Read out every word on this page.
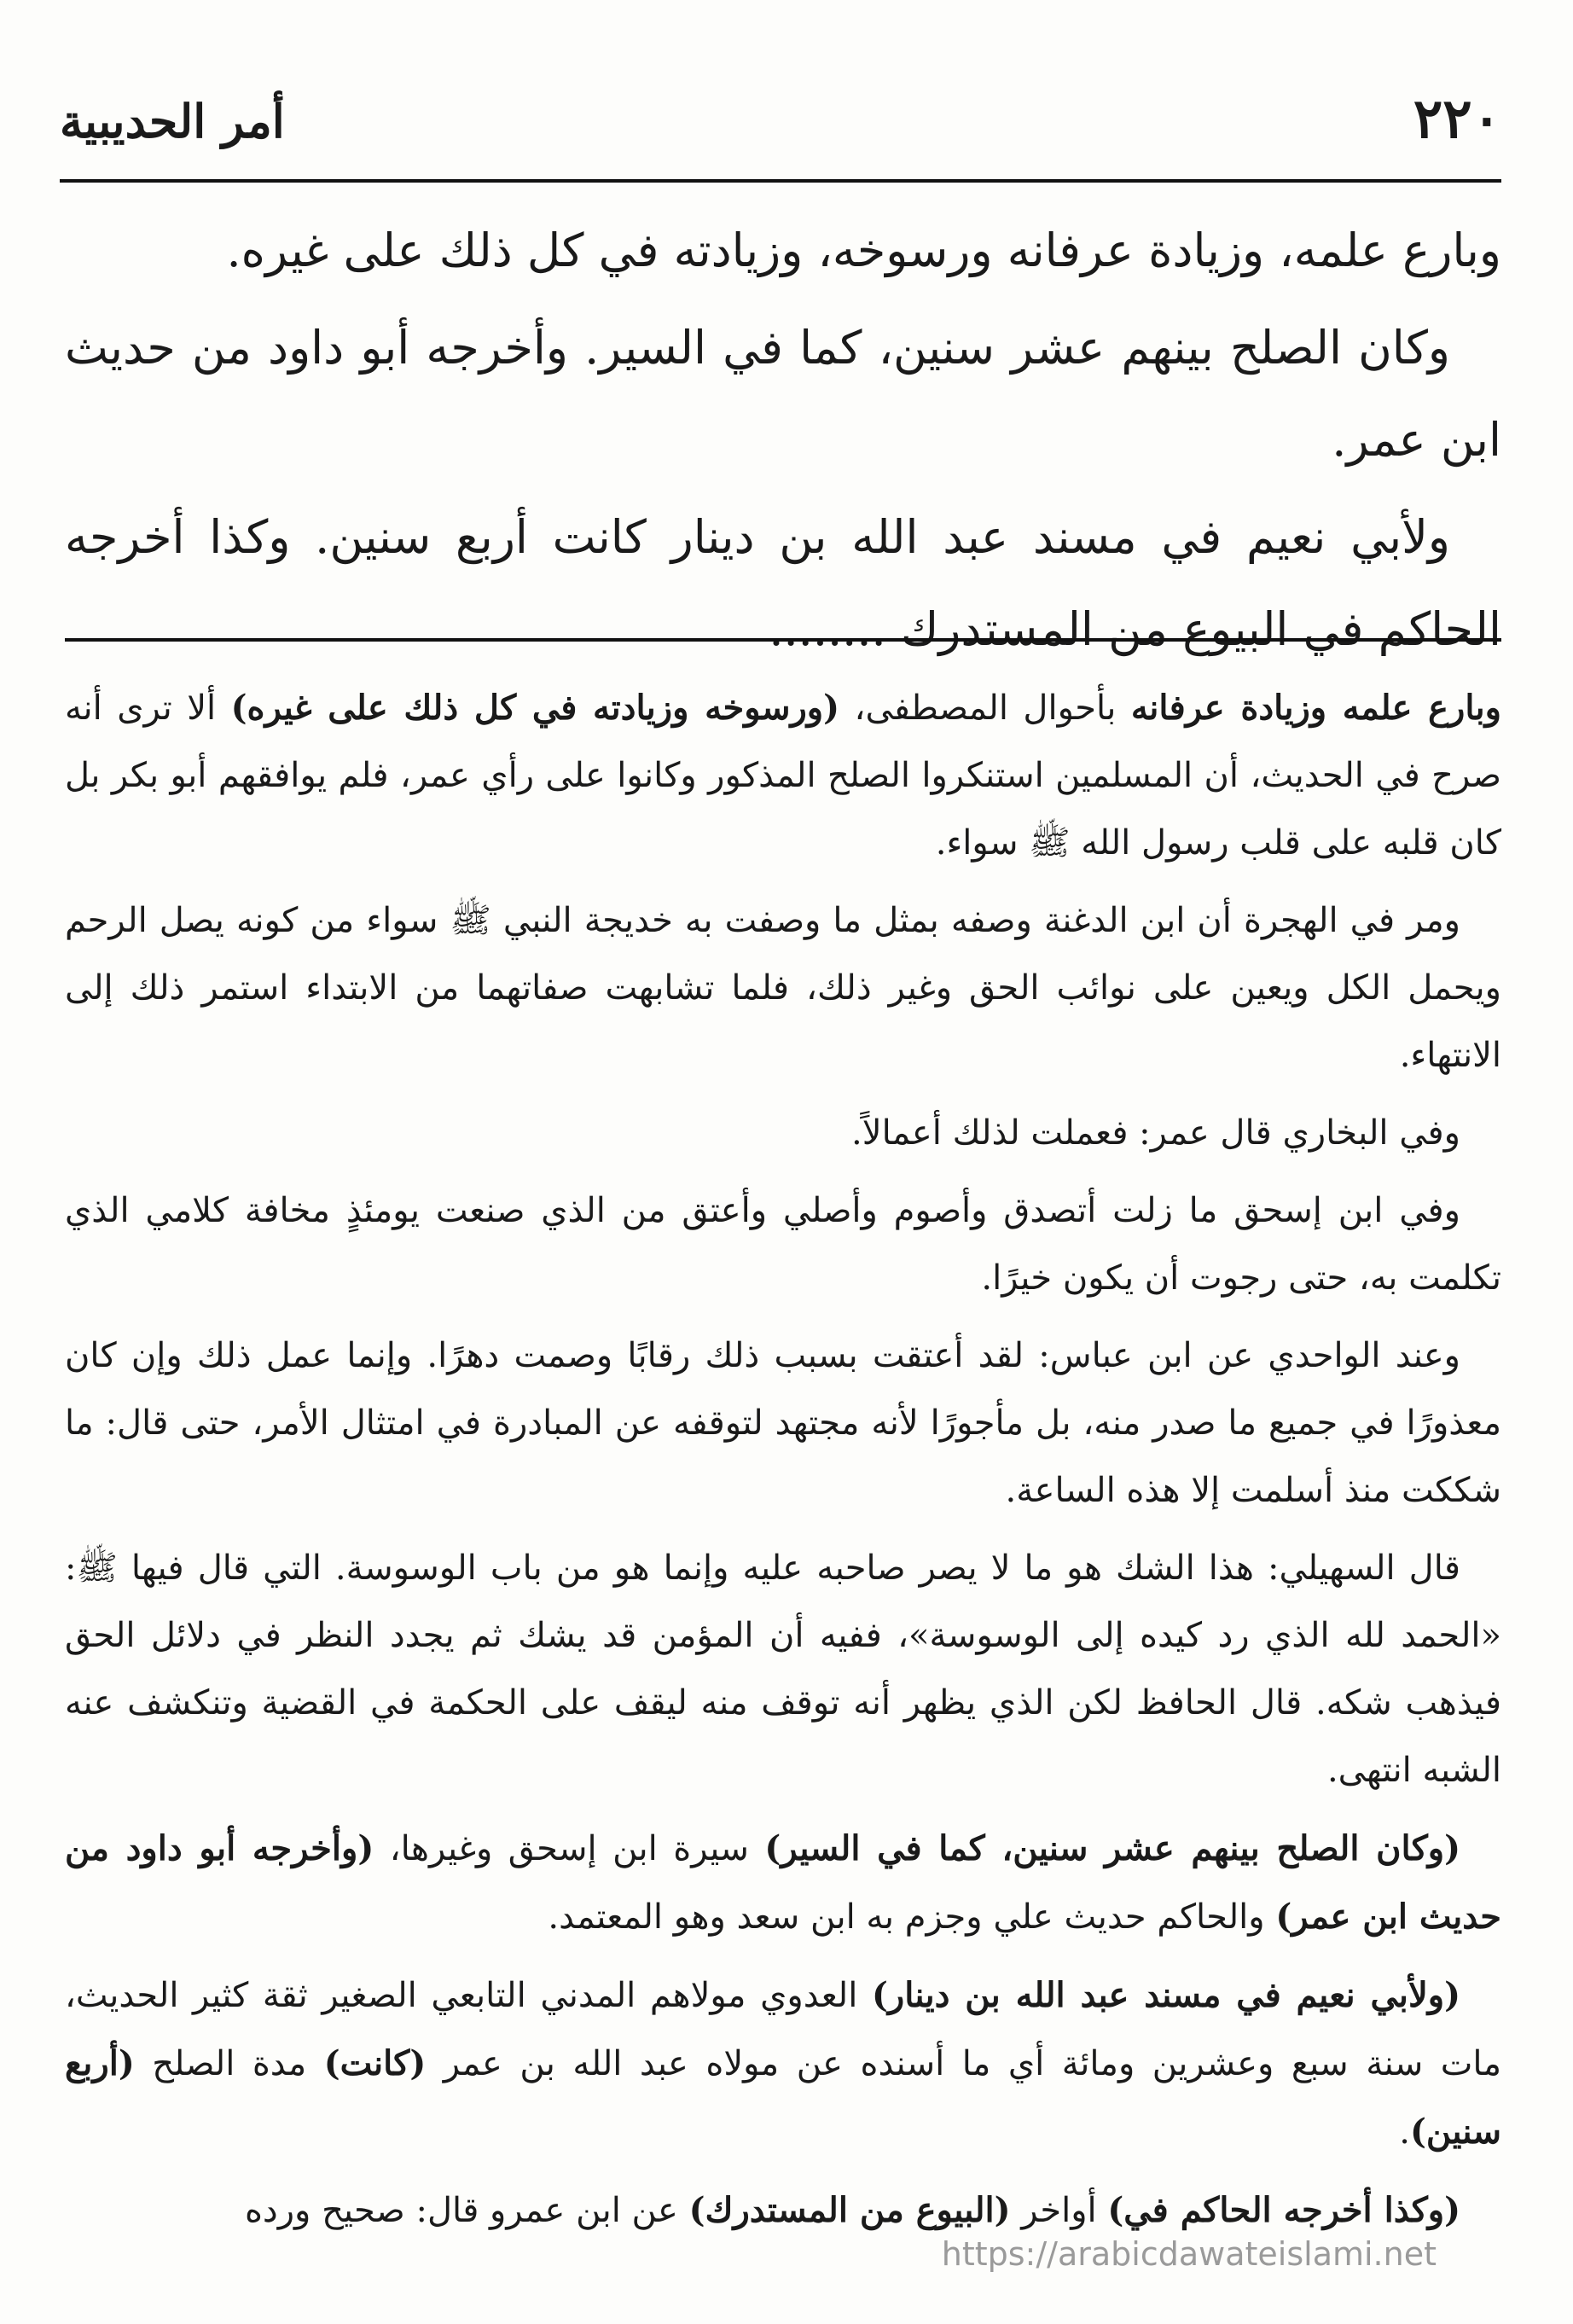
٢٢٠
أمر الحديبية

وبارع علمه، وزيادة عرفانه ورسوخه، وزيادته في كل ذلك على غيره.

وكان الصلح بينهم عشر سنين، كما في السير. وأخرجه أبو داود من حديث ابن عمر.

ولأبي نعيم في مسند عبد الله بن دينار كانت أربع سنين. وكذا أخرجه الحاكم في البيوع من المستدرك ........

وبارع علمه وزيادة عرفانه بأحوال المصطفى، (ورسوخه وزيادته في كل ذلك على غيره) ألا ترى أنه صرح في الحديث، أن المسلمين استنكروا الصلح المذكور وكانوا على رأي عمر، فلم يوافقهم أبو بكر بل كان قلبه على قلب رسول الله ﷺ سواء.

ومر في الهجرة أن ابن الدغنة وصفه بمثل ما وصفت به خديجة النبي ﷺ سواء من كونه يصل الرحم ويحمل الكل ويعين على نوائب الحق وغير ذلك، فلما تشابهت صفاتهما من الابتداء استمر ذلك إلى الانتهاء.

وفي البخاري قال عمر: فعملت لذلك أعمالاً.

وفي ابن إسحق ما زلت أتصدق وأصوم وأصلي وأعتق من الذي صنعت يومئذٍ مخافة كلامي الذي تكلمت به، حتى رجوت أن يكون خيرًا.

وعند الواحدي عن ابن عباس: لقد أعتقت بسبب ذلك رقابًا وصمت دهرًا. وإنما عمل ذلك وإن كان معذورًا في جميع ما صدر منه، بل مأجورًا لأنه مجتهد لتوقفه عن المبادرة في امتثال الأمر، حتى قال: ما شككت منذ أسلمت إلا هذه الساعة.

قال السهيلي: هذا الشك هو ما لا يصر صاحبه عليه وإنما هو من باب الوسوسة. التي قال فيها ﷺ: «الحمد لله الذي رد كيده إلى الوسوسة»، ففيه أن المؤمن قد يشك ثم يجدد النظر في دلائل الحق فيذهب شكه. قال الحافظ لكن الذي يظهر أنه توقف منه ليقف على الحكمة في القضية وتنكشف عنه الشبه انتهى.

(وكان الصلح بينهم عشر سنين، كما في السير) سيرة ابن إسحق وغيرها، (وأخرجه أبو داود من حديث ابن عمر) والحاكم حديث علي وجزم به ابن سعد وهو المعتمد.

(ولأبي نعيم في مسند عبد الله بن دينار) العدوي مولاهم المدني التابعي الصغير ثقة كثير الحديث، مات سنة سبع وعشرين ومائة أي ما أسنده عن مولاه عبد الله بن عمر (كانت) مدة الصلح (أربع سنين).

(وكذا أخرجه الحاكم في) أواخر (البيوع من المستدرك) عن ابن عمرو قال: صحيح ورده

https://arabicdawateislami.net
